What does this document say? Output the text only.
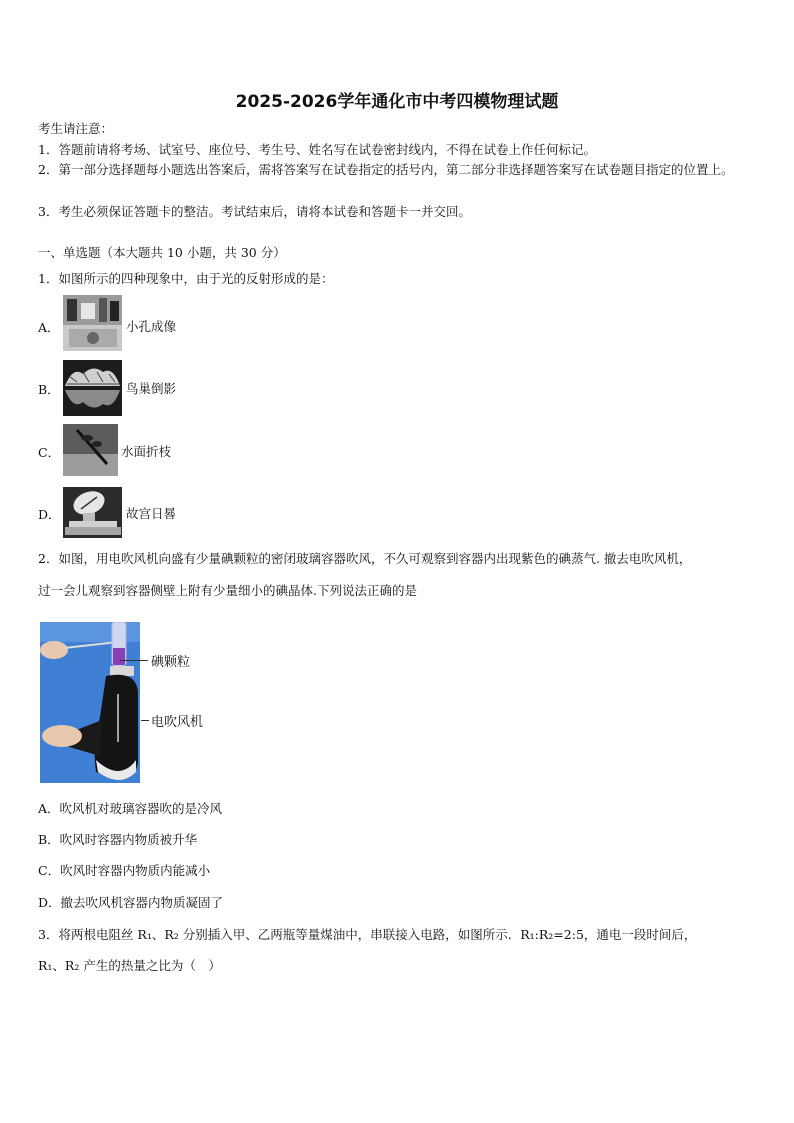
2025-2026学年通化市中考四模物理试题
考生请注意：
1．答题前请将考场、试室号、座位号、考生号、姓名写在试卷密封线内，不得在试卷上作任何标记。
2．第一部分选择题每小题选出答案后，需将答案写在试卷指定的括号内，第二部分非选择题答案写在试卷题目指定的位置上。
3．考生必须保证答题卡的整洁。考试结束后，请将本试卷和答题卡一并交回。
一、单选题（本大题共 10 小题，共 30 分）
1．如图所示的四种现象中，由于光的反射形成的是：
A．	小孔成像
B．	鸟巢倒影
C．	水面折枝
D．	故宫日晷
2．如图，用电吹风机向盛有少量碘颗粒的密闭玻璃容器吹风，不久可观察到容器内出现紫色的碘蒸气. 撤去电吹风机，
过一会儿观察到容器侧壁上附有少量细小的碘晶体.下列说法正确的是
碘颗粒
电吹风机
A．吹风机对玻璃容器吹的是冷风
B．吹风时容器内物质被升华
C．吹风时容器内物质内能减小
D．撤去吹风机容器内物质凝固了
3．将两根电阻丝 R₁、R₂ 分别插入甲、乙两瓶等量煤油中，串联接入电路，如图所示．R₁:R₂=2:5，通电一段时间后，
R₁、R₂ 产生的热量之比为（　）
